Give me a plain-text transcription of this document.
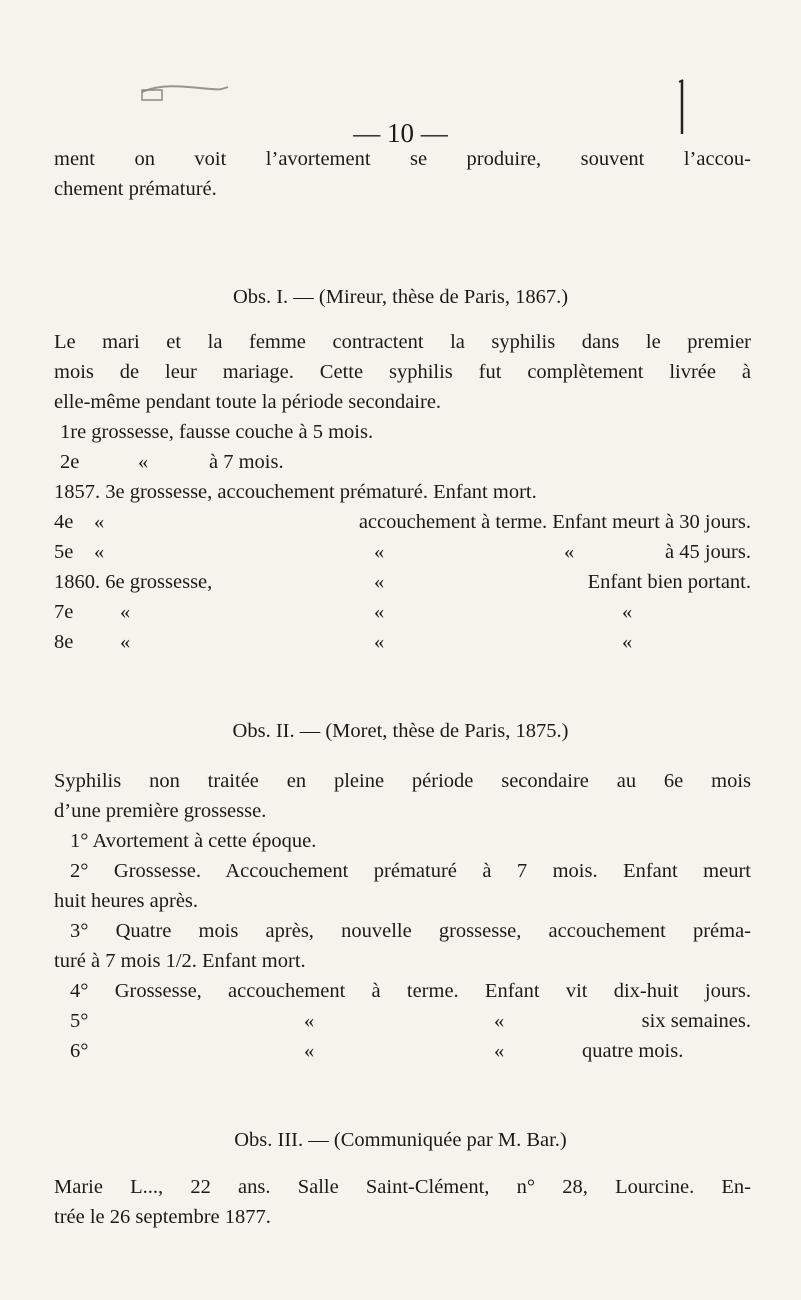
— 10 —

ment on voit l’avortement se produire, souvent l’accou-

chement prématuré.

Obs. I. — (Mireur, thèse de Paris, 1867.)

Le mari et la femme contractent la syphilis dans le premier

mois de leur mariage. Cette syphilis fut complètement livrée à

elle-même pendant toute la période secondaire.

1re grossesse, fausse couche à 5 mois.
2e	«	à 7 mois.
1857. 3e grossesse, accouchement prématuré. Enfant mort.
4e «	accouchement à terme. Enfant meurt à 30 jours.
5e «	«	«	à 45 jours.
1860. 6e grossesse,	«	Enfant bien portant.
7e «	«	«
8e «	«	«
Obs. II. — (Moret, thèse de Paris, 1875.)

Syphilis non traitée en pleine période secondaire au 6e mois

d’une première grossesse.

1° Avortement à cette époque.

2° Grossesse. Accouchement prématuré à 7 mois. Enfant meurt

huit heures après.

3° Quatre mois après, nouvelle grossesse, accouchement préma-

turé à 7 mois 1/2. Enfant mort.

4° Grossesse, accouchement à terme. Enfant vit dix-huit jours.

5°	«	«	six semaines.
6°	«	«	quatre mois.
Obs. III. — (Communiquée par M. Bar.)

Marie L..., 22 ans. Salle Saint-Clément, n° 28, Lourcine. En-

trée le 26 septembre 1877.
